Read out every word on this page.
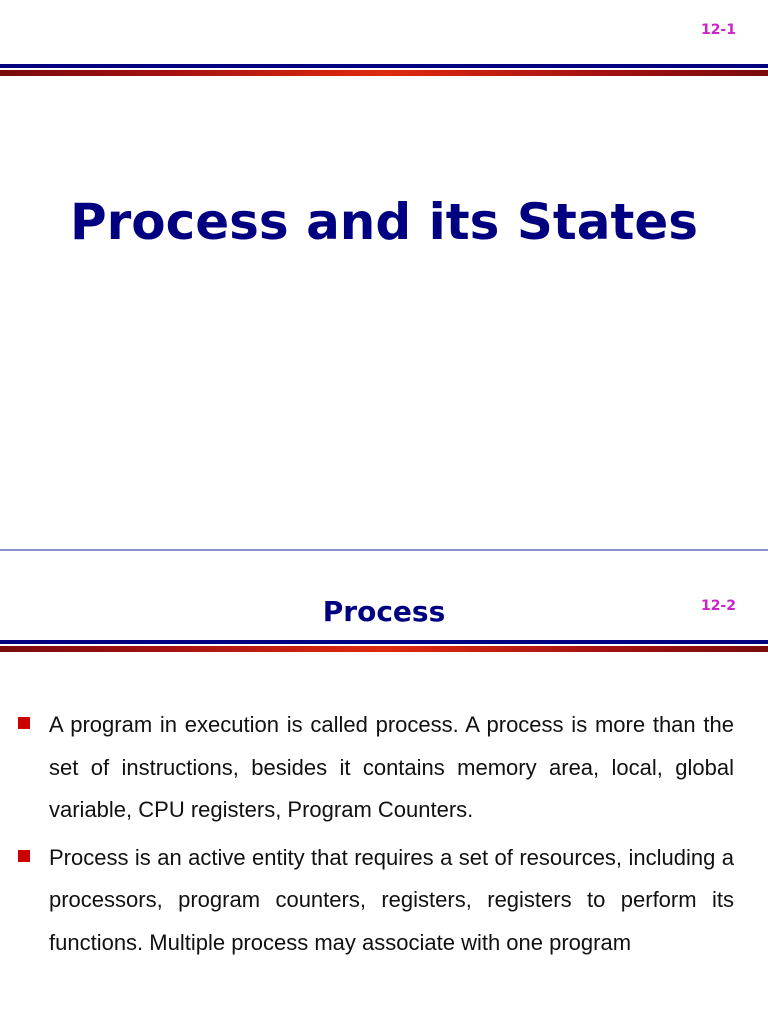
12-1
Process and its States
Process	12-2
A program in execution is called process. A process is more than the set of instructions, besides it contains memory area, local, global variable, CPU registers, Program Counters.
Process is an active entity that requires a set of resources, including a processors, program counters, registers, registers to perform its functions. Multiple process may associate with one program
